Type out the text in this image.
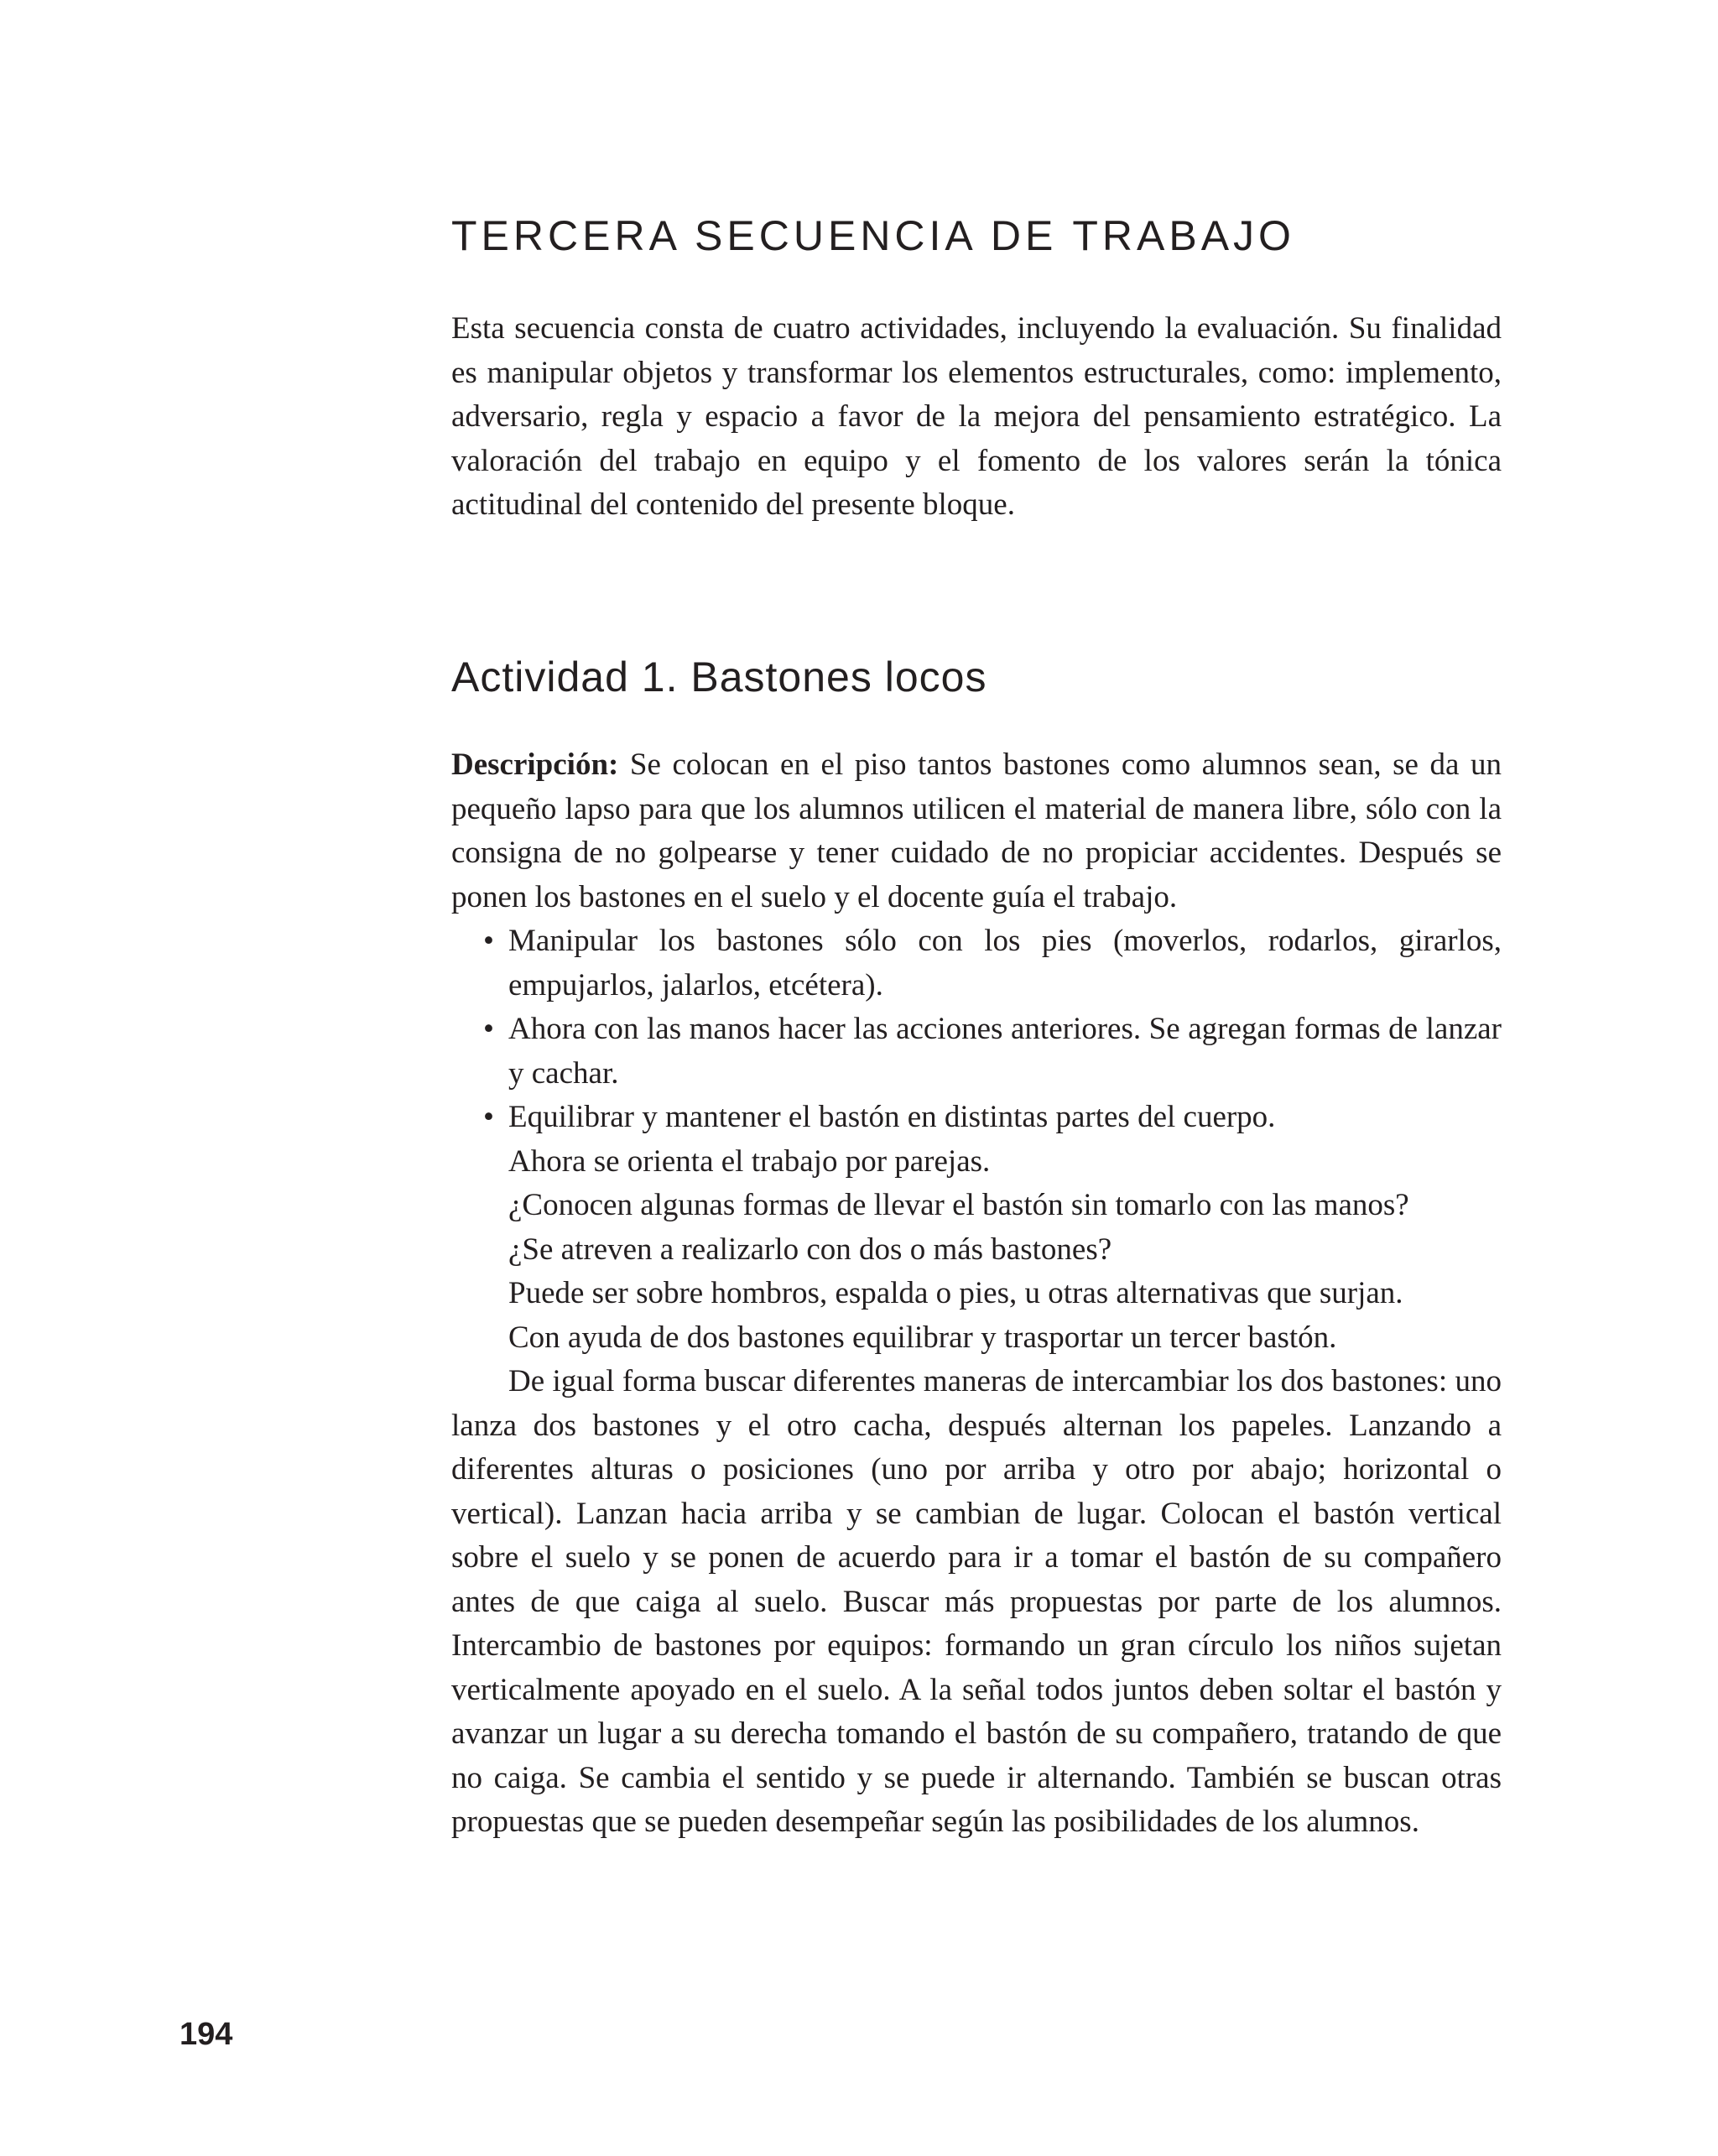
TERCERA SECUENCIA DE TRABAJO

Esta secuencia consta de cuatro actividades, incluyendo la evaluación. Su finalidad es manipular objetos y transformar los elementos estructurales, como: implemento, adversario, regla y espacio a favor de la mejora del pensamiento estratégico. La valoración del trabajo en equipo y el fomento de los valores serán la tónica actitudinal del contenido del presente bloque.

Actividad 1. Bastones locos

Descripción: Se colocan en el piso tantos bastones como alumnos sean, se da un pequeño lapso para que los alumnos utilicen el material de manera libre, sólo con la consigna de no golpearse y tener cuidado de no propiciar accidentes. Después se ponen los bastones en el suelo y el docente guía el trabajo.

• Manipular los bastones sólo con los pies (moverlos, rodarlos, girarlos, empujarlos, jalarlos, etcétera).
• Ahora con las manos hacer las acciones anteriores. Se agregan formas de lanzar y cachar.
• Equilibrar y mantener el bastón en distintas partes del cuerpo.

Ahora se orienta el trabajo por parejas.

¿Conocen algunas formas de llevar el bastón sin tomarlo con las manos?

¿Se atreven a realizarlo con dos o más bastones?

Puede ser sobre hombros, espalda o pies, u otras alternativas que surjan.

Con ayuda de dos bastones equilibrar y trasportar un tercer bastón.

De igual forma buscar diferentes maneras de intercambiar los dos bastones: uno lanza dos bastones y el otro cacha, después alternan los papeles. Lanzando a diferentes alturas o posiciones (uno por arriba y otro por abajo; horizontal o vertical). Lanzan hacia arriba y se cambian de lugar. Colocan el bastón vertical sobre el suelo y se ponen de acuerdo para ir a tomar el bastón de su compañero antes de que caiga al suelo. Buscar más propuestas por parte de los alumnos. Intercambio de bastones por equipos: formando un gran círculo los niños sujetan verticalmente apoyado en el suelo. A la señal todos juntos deben soltar el bastón y avanzar un lugar a su derecha tomando el bastón de su compañero, tratando de que no caiga. Se cambia el sentido y se puede ir alternando. También se buscan otras propuestas que se pueden desempeñar según las posibilidades de los alumnos.

194
